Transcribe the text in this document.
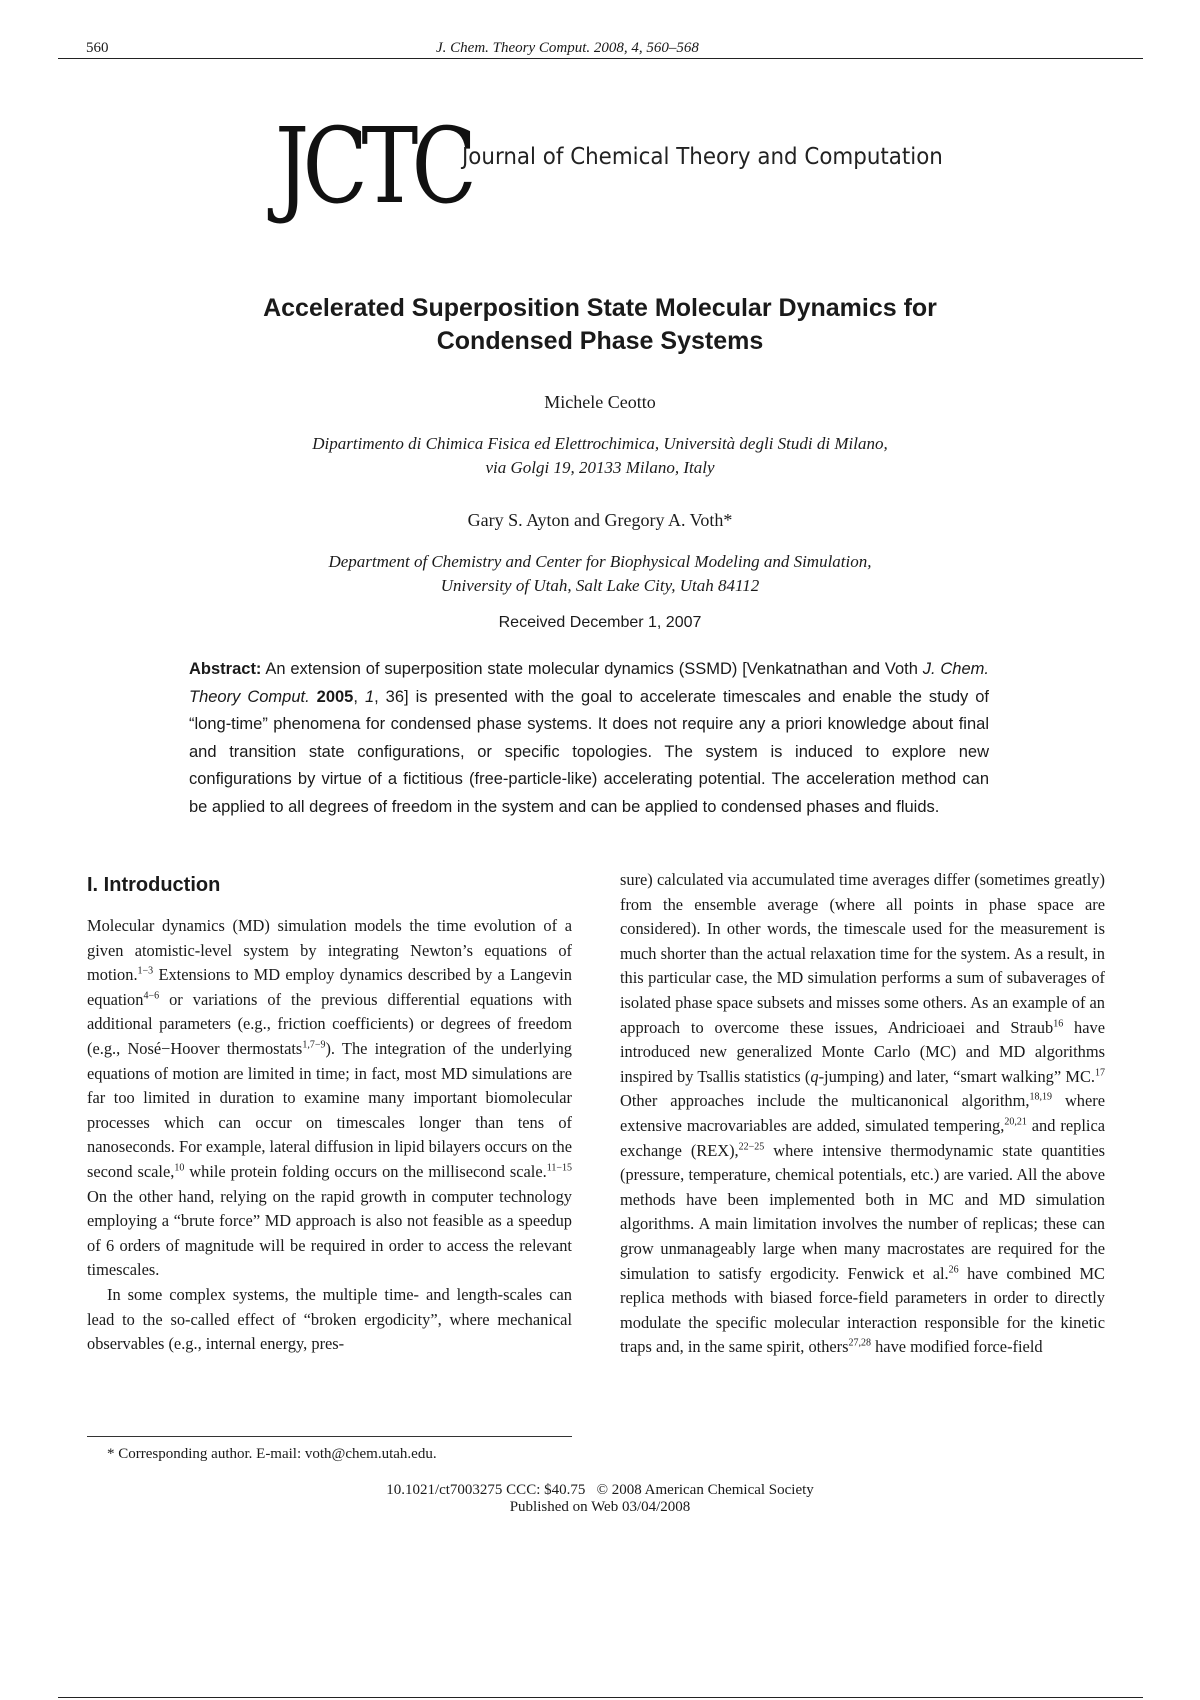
560	J. Chem. Theory Comput. 2008, 4, 560–568
JCTC
Journal of Chemical Theory and Computation
Accelerated Superposition State Molecular Dynamics for
Condensed Phase Systems
Michele Ceotto
Dipartimento di Chimica Fisica ed Elettrochimica, Università degli Studi di Milano,
via Golgi 19, 20133 Milano, Italy
Gary S. Ayton and Gregory A. Voth*
Department of Chemistry and Center for Biophysical Modeling and Simulation,
University of Utah, Salt Lake City, Utah 84112
Received December 1, 2007
Abstract: An extension of superposition state molecular dynamics (SSMD) [Venkatnathan and Voth J. Chem. Theory Comput. 2005, 1, 36] is presented with the goal to accelerate timescales and enable the study of “long-time” phenomena for condensed phase systems. It does not require any a priori knowledge about final and transition state configurations, or specific topologies. The system is induced to explore new configurations by virtue of a fictitious (free-particle-like) accelerating potential. The acceleration method can be applied to all degrees of freedom in the system and can be applied to condensed phases and fluids.
I. Introduction

Molecular dynamics (MD) simulation models the time evolution of a given atomistic-level system by integrating Newton’s equations of motion.$^{1-3}$ Extensions to MD employ dynamics described by a Langevin equation$^{4-6}$ or variations of the previous differential equations with additional parameters (e.g., friction coefficients) or degrees of freedom (e.g., Nosé−Hoover thermostats$^{1,7-9}$). The integration of the underlying equations of motion are limited in time; in fact, most MD simulations are far too limited in duration to examine many important biomolecular processes which can occur on timescales longer than tens of nanoseconds. For example, lateral diffusion in lipid bilayers occurs on the second scale,$^{10}$ while protein folding occurs on the millisecond scale.$^{11-15}$ On the other hand, relying on the rapid growth in computer technology employing a “brute force” MD approach is also not feasible as a speedup of 6 orders of magnitude will be required in order to access the relevant timescales.

In some complex systems, the multiple time- and length-scales can lead to the so-called effect of “broken ergodicity”, where mechanical observables (e.g., internal energy, pres-

sure) calculated via accumulated time averages differ (sometimes greatly) from the ensemble average (where all points in phase space are considered). In other words, the timescale used for the measurement is much shorter than the actual relaxation time for the system. As a result, in this particular case, the MD simulation performs a sum of subaverages of isolated phase space subsets and misses some others. As an example of an approach to overcome these issues, Andricioaei and Straub$^{16}$ have introduced new generalized Monte Carlo (MC) and MD algorithms inspired by Tsallis statistics (q-jumping) and later, “smart walking” MC.$^{17}$ Other approaches include the multicanonical algorithm,$^{18,19}$ where extensive macrovariables are added, simulated tempering,$^{20,21}$ and replica exchange (REX),$^{22-25}$ where intensive thermodynamic state quantities (pressure, temperature, chemical potentials, etc.) are varied. All the above methods have been implemented both in MC and MD simulation algorithms. A main limitation involves the number of replicas; these can grow unmanageably large when many macrostates are required for the simulation to satisfy ergodicity. Fenwick et al.$^{26}$ have combined MC replica methods with biased force-field parameters in order to directly modulate the specific molecular interaction responsible for the kinetic traps and, in the same spirit, others$^{27,28}$ have modified force-field

* Corresponding author. E-mail: voth@chem.utah.edu.
10.1021/ct7003275 CCC: $40.75   © 2008 American Chemical Society
Published on Web 03/04/2008
